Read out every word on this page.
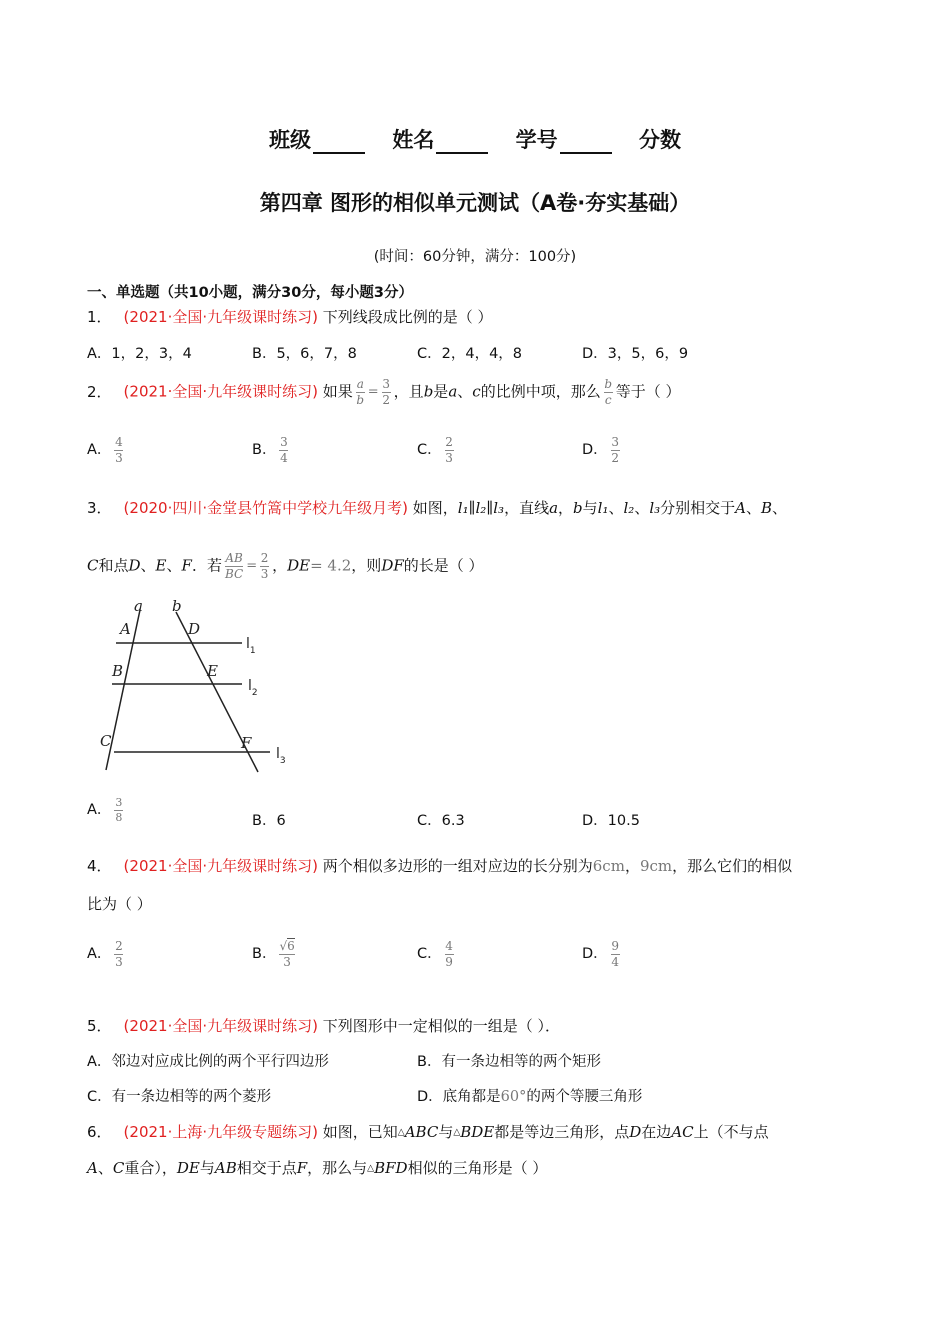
班级	姓名	学号	分数
第四章 图形的相似单元测试（A卷·夯实基础）
(时间：60分钟，满分：100分)
一、单选题（共10小题，满分30分，每小题3分）
1． (2021·全国·九年级课时练习) 下列线段成比例的是（ ）
A．1，2，3，4	B．5，6，7，8	C．2，4，4，8	D．3，5，6，9
2． (2021·全国·九年级课时练习) 如果 $\frac{a}{b} = \frac{3}{2}$ ，且b是a、c的比例中项，那么 $\frac{b}{c}$ 等于（ ）
A． $\frac{4}{3}$	B． $\frac{3}{4}$	C． $\frac{2}{3}$	D． $\frac{3}{2}$
3． (2020·四川·金堂县竹篙中学校九年级月考) 如图，l₁∥l₂∥l₃，直线a，b与l₁、l₂、l₃分别相交于A、B、
C和点D、E、F．若 $\frac{AB}{BC} = \frac{2}{3}$ ，DE= 4.2，则DF的长是（ ）
a b
A	D
B	E
C	F
$l_1$
$l_2$
$l_3$
A． $\frac{3}{8}$	B．6	C．6.3	D．10.5
4． (2021·全国·九年级课时练习) 两个相似多边形的一组对应边的长分别为6cm，9cm，那么它们的相似
比为（ ）
A． $\frac{2}{3}$	B． $\frac{√6}{3}$	C． $\frac{4}{9}$	D． $\frac{9}{4}$
5． (2021·全国·九年级课时练习) 下列图形中一定相似的一组是（ ）．
A．邻边对应成比例的两个平行四边形	B．有一条边相等的两个矩形
C．有一条边相等的两个菱形	D．底角都是60°的两个等腰三角形
6． (2021·上海·九年级专题练习) 如图，已知△ABC与△BDE都是等边三角形，点D在边AC上（不与点
A、C重合），DE与AB相交于点F，那么与△BFD相似的三角形是（ ）
